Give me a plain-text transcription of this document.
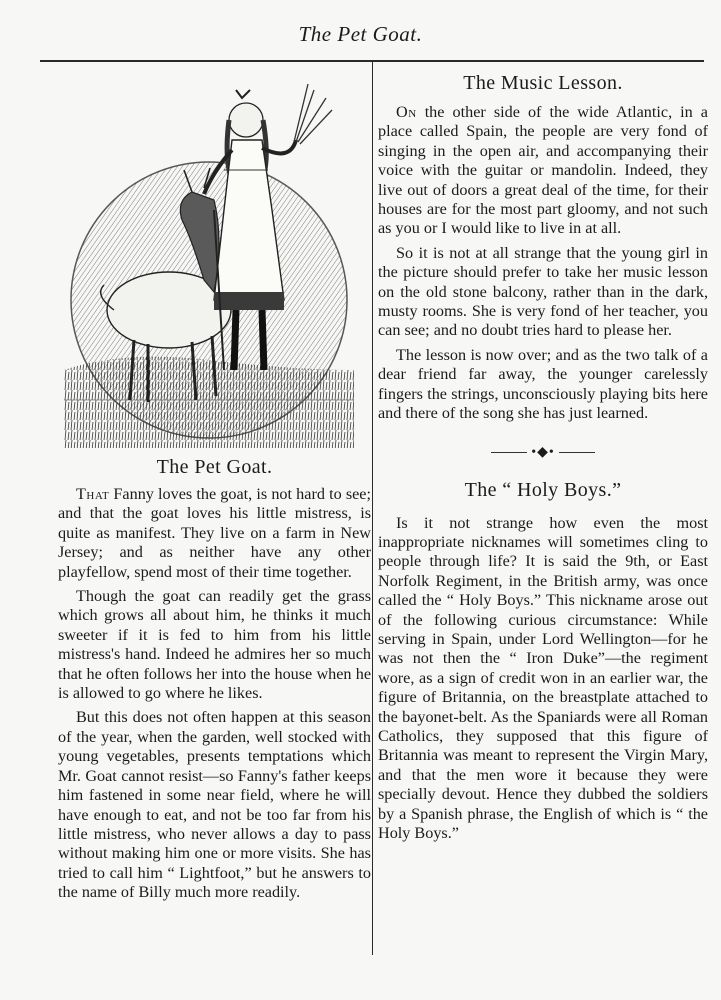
The Pet Goat.
The Pet Goat.

That Fanny loves the goat, is not hard to see; and that the goat loves his little mistress, is quite as manifest. They live on a farm in New Jersey; and as neither have any other playfellow, spend most of their time together.

Though the goat can readily get the grass which grows all about him, he thinks it much sweeter if it is fed to him from his little mistress's hand. Indeed he admires her so much that he often follows her into the house when he is allowed to go where he likes.

But this does not often happen at this season of the year, when the garden, well stocked with young vegetables, presents temptations which Mr. Goat cannot resist—so Fanny's father keeps him fastened in some near field, where he will have enough to eat, and not be too far from his little mistress, who never allows a day to pass without making him one or more visits. She has tried to call him “ Lightfoot,” but he answers to the name of Billy much more readily.

The Music Lesson.

On the other side of the wide Atlantic, in a place called Spain, the people are very fond of singing in the open air, and accompanying their voice with the guitar or mandolin. Indeed, they live out of doors a great deal of the time, for their houses are for the most part gloomy, and not such as you or I would like to live in at all.

So it is not at all strange that the young girl in the picture should prefer to take her music lesson on the old stone balcony, rather than in the dark, musty rooms. She is very fond of her teacher, you can see; and no doubt tries hard to please her.

The lesson is now over; and as the two talk of a dear friend far away, the younger carelessly fingers the strings, unconsciously playing bits here and there of the song she has just learned.

•◆•
The “ Holy Boys.”

Is it not strange how even the most inappropriate nicknames will sometimes cling to people through life? It is said the 9th, or East Norfolk Regiment, in the British army, was once called the “ Holy Boys.” This nickname arose out of the following curious circumstance: While serving in Spain, under Lord Wellington—for he was not then the “ Iron Duke”—the regiment wore, as a sign of credit won in an earlier war, the figure of Britannia, on the breastplate attached to the bayonet-belt. As the Spaniards were all Roman Catholics, they supposed that this figure of Britannia was meant to represent the Virgin Mary, and that the men wore it because they were specially devout. Hence they dubbed the soldiers by a Spanish phrase, the English of which is “ the Holy Boys.”
